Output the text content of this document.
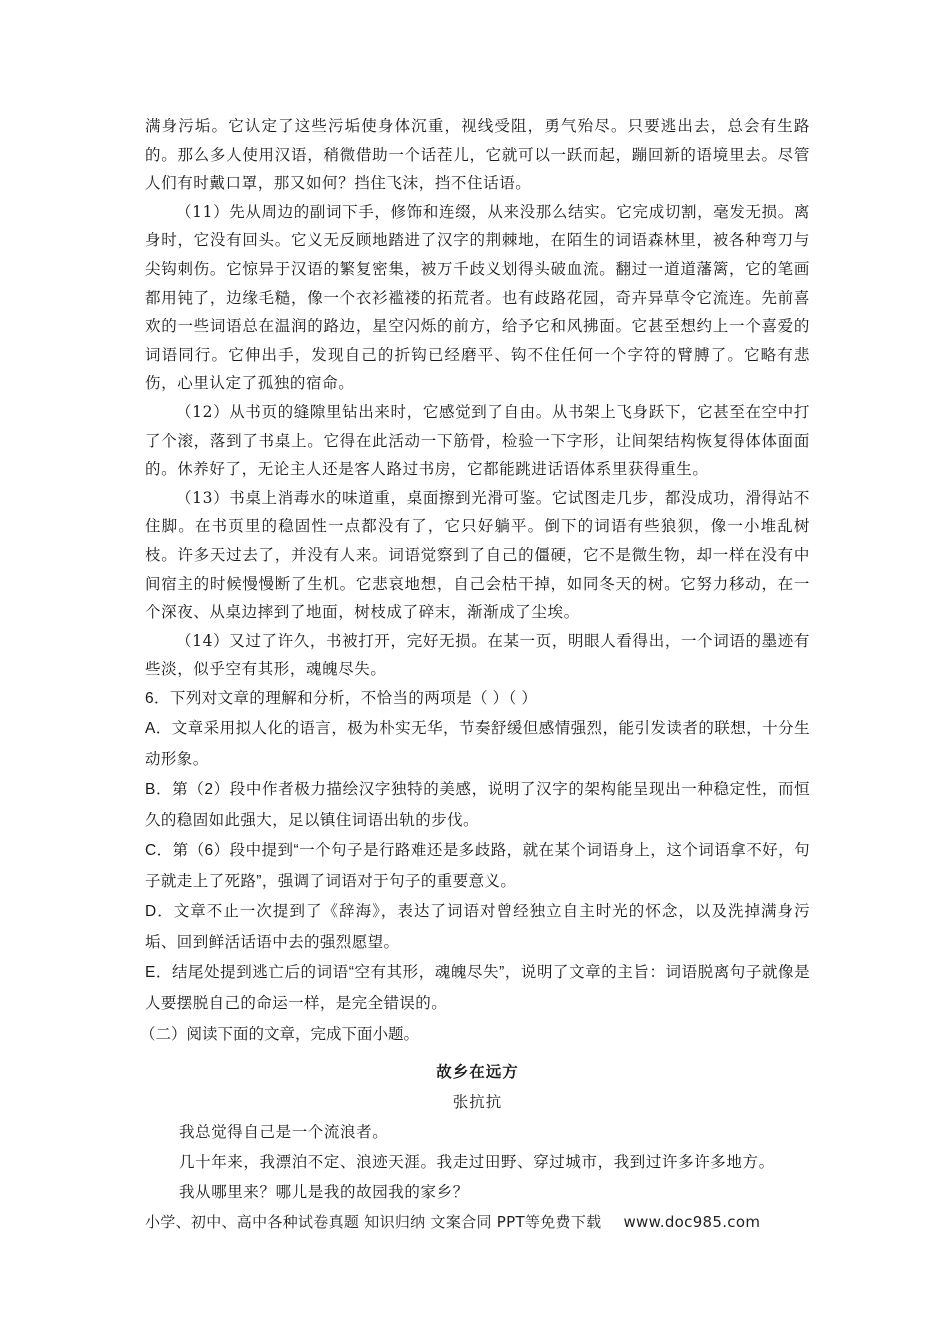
满身污垢。它认定了这些污垢使身体沉重，视线受阻，勇气殆尽。只要逃出去，总会有生路的。那么多人使用汉语，稍微借助一个话茬儿，它就可以一跃而起，蹦回新的语境里去。尽管人们有时戴口罩，那又如何？挡住飞沫，挡不住话语。

（11）先从周边的副词下手，修饰和连缀，从来没那么结实。它完成切割，毫发无损。离身时，它没有回头。它义无反顾地踏进了汉字的荆棘地，在陌生的词语森林里，被各种弯刀与尖钩刺伤。它惊异于汉语的繁复密集，被万千歧义划得头破血流。翻过一道道藩篱，它的笔画都用钝了，边缘毛糙，像一个衣衫褴褛的拓荒者。也有歧路花园，奇卉异草令它流连。先前喜欢的一些词语总在温润的路边，星空闪烁的前方，给予它和风拂面。它甚至想约上一个喜爱的词语同行。它伸出手，发现自己的折钩已经磨平、钩不住任何一个字符的臂膊了。它略有悲伤，心里认定了孤独的宿命。

（12）从书页的缝隙里钻出来时，它感觉到了自由。从书架上飞身跃下，它甚至在空中打了个滚，落到了书桌上。它得在此活动一下筋骨，检验一下字形，让间架结构恢复得体体面面的。休养好了，无论主人还是客人路过书房，它都能跳进话语体系里获得重生。

（13）书桌上消毒水的味道重，桌面擦到光滑可鉴。它试图走几步，都没成功，滑得站不住脚。在书页里的稳固性一点都没有了，它只好躺平。倒下的词语有些狼狈，像一小堆乱树枝。许多天过去了，并没有人来。词语觉察到了自己的僵硬，它不是微生物，却一样在没有中间宿主的时候慢慢断了生机。它悲哀地想，自己会枯干掉，如同冬天的树。它努力移动，在一个深夜、从桌边摔到了地面，树枝成了碎末，渐渐成了尘埃。

（14）又过了许久，书被打开，完好无损。在某一页，明眼人看得出，一个词语的墨迹有些淡，似乎空有其形，魂魄尽失。

6．下列对文章的理解和分析，不恰当的两项是（ ）（ ）

A．文章采用拟人化的语言，极为朴实无华，节奏舒缓但感情强烈，能引发读者的联想，十分生动形象。

B．第（2）段中作者极力描绘汉字独特的美感，说明了汉字的架构能呈现出一种稳定性，而恒久的稳固如此强大，足以镇住词语出轨的步伐。

C．第（6）段中提到“一个句子是行路难还是多歧路，就在某个词语身上，这个词语拿不好，句子就走上了死路”，强调了词语对于句子的重要意义。

D．文章不止一次提到了《辞海》，表达了词语对曾经独立自主时光的怀念，以及洗掉满身污垢、回到鲜活话语中去的强烈愿望。

E．结尾处提到逃亡后的词语“空有其形，魂魄尽失”，说明了文章的主旨：词语脱离句子就像是人要摆脱自己的命运一样，是完全错误的。

（二）阅读下面的文章，完成下面小题。

故乡在远方

张抗抗

我总觉得自己是一个流浪者。

几十年来，我漂泊不定、浪迹天涯。我走过田野、穿过城市，我到过许多许多地方。

我从哪里来？哪儿是我的故园我的家乡？

小学、初中、高中各种试卷真题 知识归纳 文案合同 PPT等免费下载 www.doc985.com
